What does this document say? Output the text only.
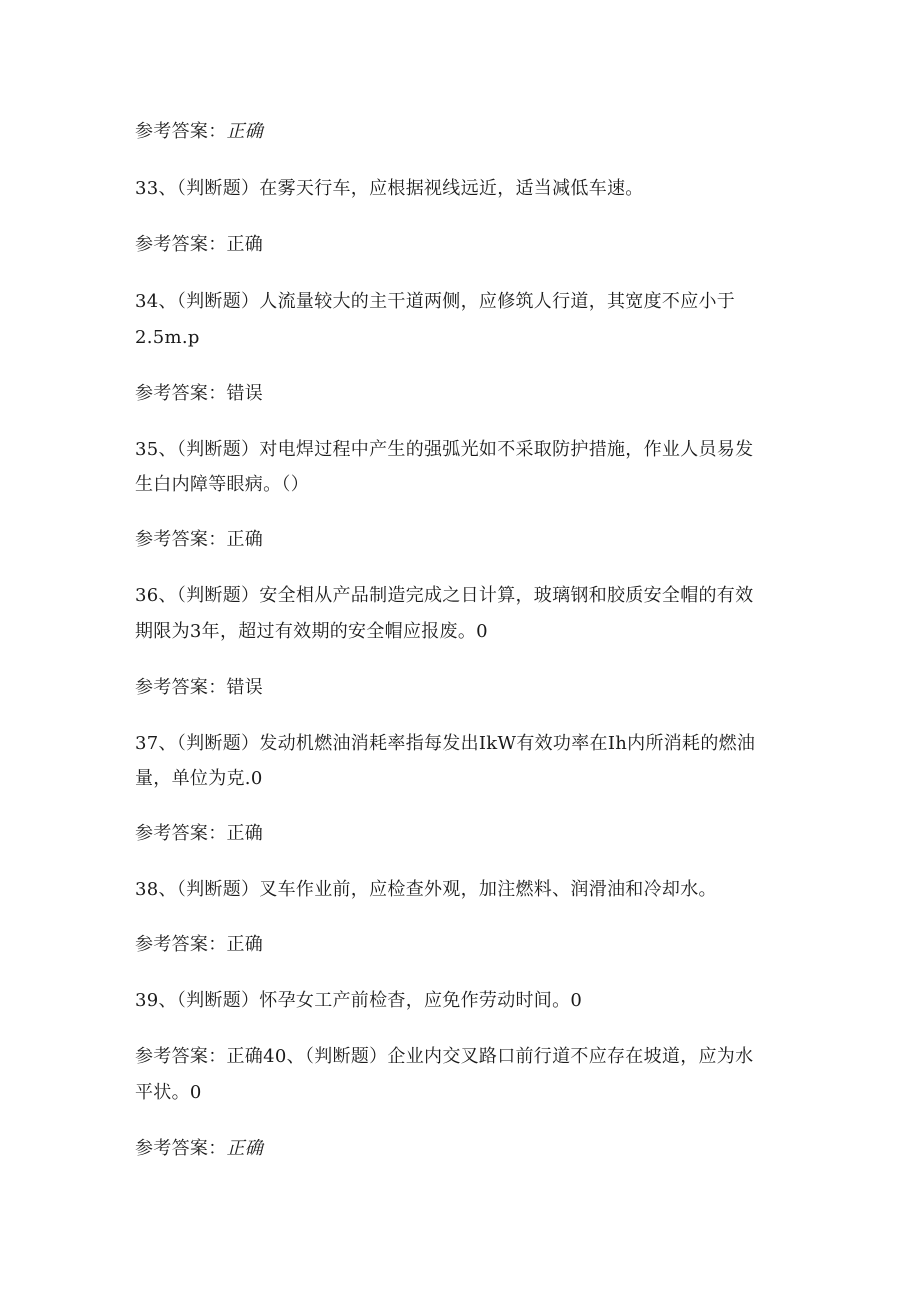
参考答案：正确
33、（判断题）在雾天行车，应根据视线远近，适当减低车速。
参考答案：正确
34、（判断题）人流量较大的主干道两侧，应修筑人行道，其宽度不应小于
2.5m.p
参考答案：错误
35、（判断题）对电焊过程中产生的强弧光如不采取防护措施，作业人员易发
生白内障等眼病。（）
参考答案：正确
36、（判断题）安全相从产品制造完成之日计算，玻璃钢和胶质安全帽的有效
期限为3年，超过有效期的安全帽应报废。0
参考答案：错误
37、（判断题）发动机燃油消耗率指每发出IkW有效功率在Ih内所消耗的燃油
量，单位为克.0
参考答案：正确
38、（判断题）叉车作业前，应检查外观，加注燃料、润滑油和冷却水。
参考答案：正确
39、（判断题）怀孕女工产前检杳，应免作劳动时间。0
参考答案：正确40、（判断题）企业内交叉路口前行道不应存在坡道，应为水
平状。0
参考答案：正确
